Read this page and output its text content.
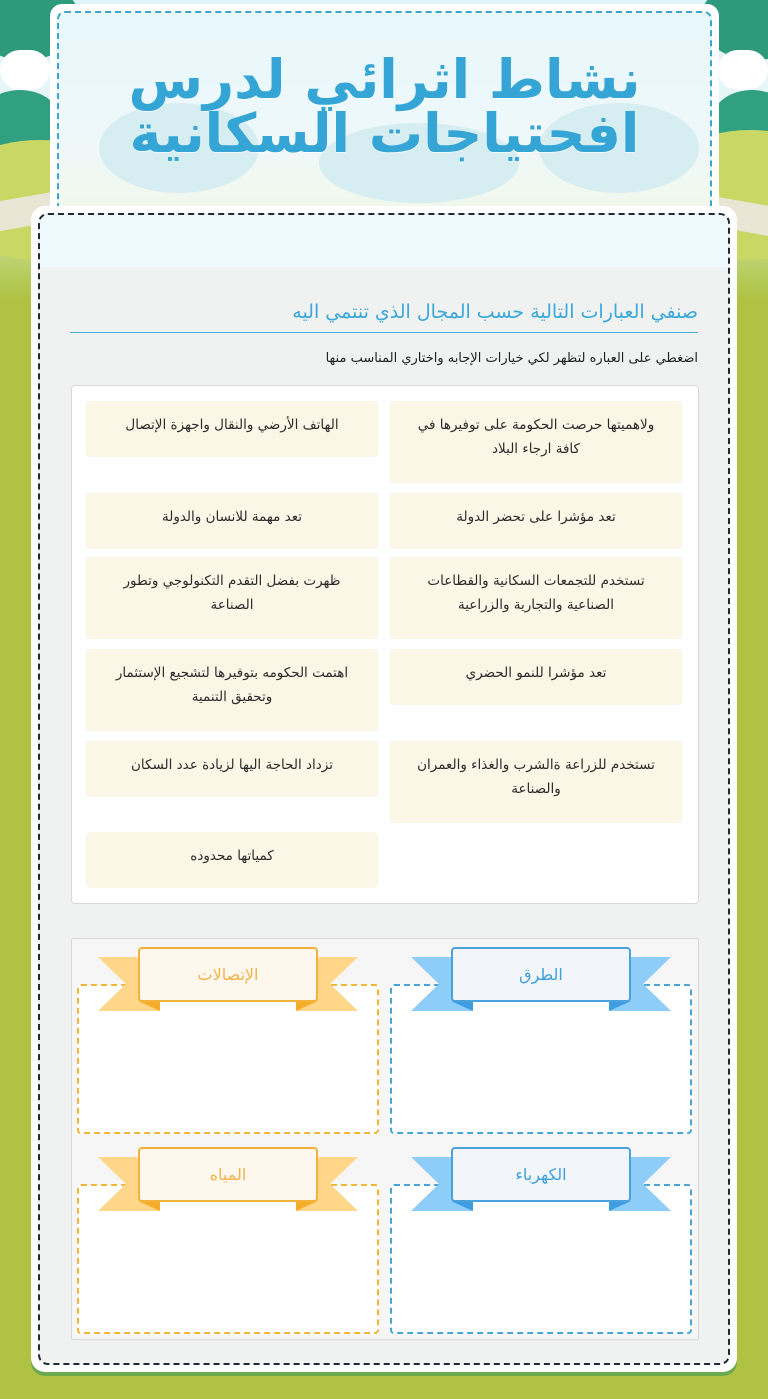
نشاط اثرائي لدرس افحتياجات السكانية
صنفي العبارات التالية حسب المجال الذي تنتمي اليه
اضغطي على العباره لتظهر لكي خيارات الإجابه واختاري المناسب منها
ولاهميتها حرصت الحكومة على توفيرها في كافة ارجاء البلاد
الهاتف الأرضي والنقال واجهزة الإتصال
تعد مؤشرا على تحضر الدولة
تعد مهمة للانسان والدولة
تستخدم للتجمعات السكانية والقطاعات الصناعية والتجارية والزراعية
ظهرت بفضل التقدم التكنولوجي وتطور الصناعة
تعد مؤشرا للنمو الحضري
اهتمت الحكومه بتوفيرها لتشجيع الإستثمار وتحقيق التنمية
تستخدم للزراعة ةالشرب والغذاء والعمران والصناعة
تزداد الحاجة اليها لزيادة عدد السكان
كمياتها محدوده
الطرق
الإتصالات
الكهرباء
المياه
